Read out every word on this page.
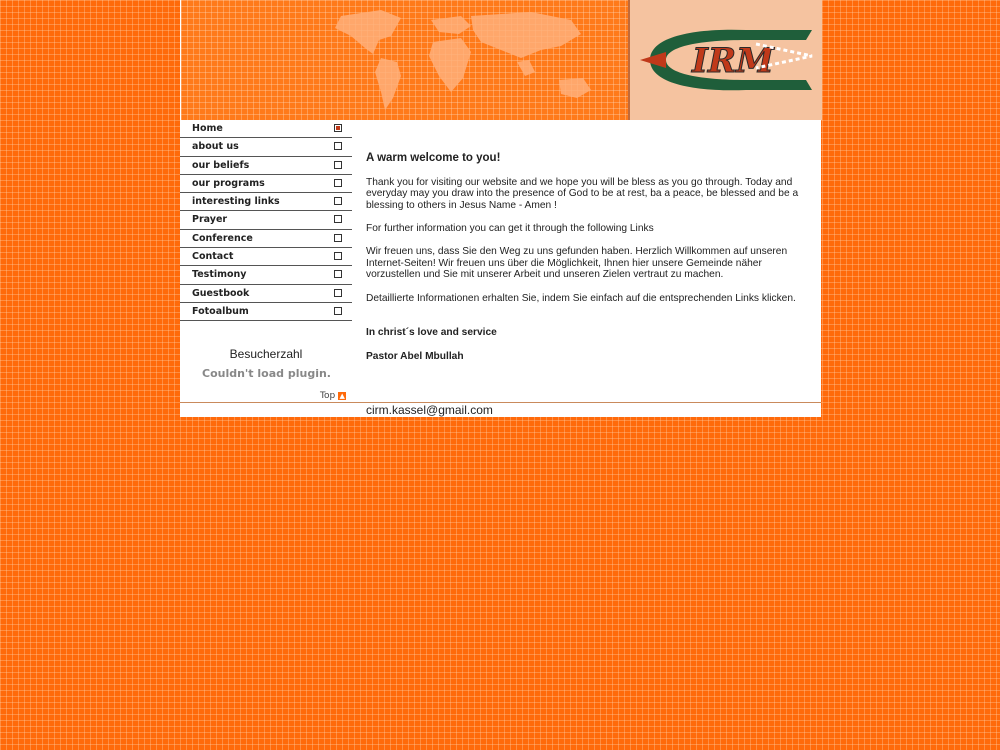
IRM
Home
about us
our beliefs
our programs
interesting links
Prayer
Conference
Contact
Testimony
Guestbook
Fotoalbum
Besucherzahl
Couldn't load plugin.
Top ▲
A warm welcome to you!

Thank you for visiting our website and we hope you will be bless as you go through. Today and everyday may you draw into the presence of God to be at rest, ba a peace, be blessed and be a blessing to others in Jesus Name - Amen !

For further information you can get it through the following Links

Wir freuen uns, dass Sie den Weg zu uns gefunden haben. Herzlich Willkommen auf unseren Internet-Seiten! Wir freuen uns über die Möglichkeit, Ihnen hier unsere Gemeinde näher vorzustellen und Sie mit unserer Arbeit und unseren Zielen vertraut zu machen.

Detaillierte Informationen erhalten Sie, indem Sie einfach auf die entsprechenden Links klicken.

In christ´s love and service

Pastor Abel Mbullah

cirm.kassel@gmail.com
